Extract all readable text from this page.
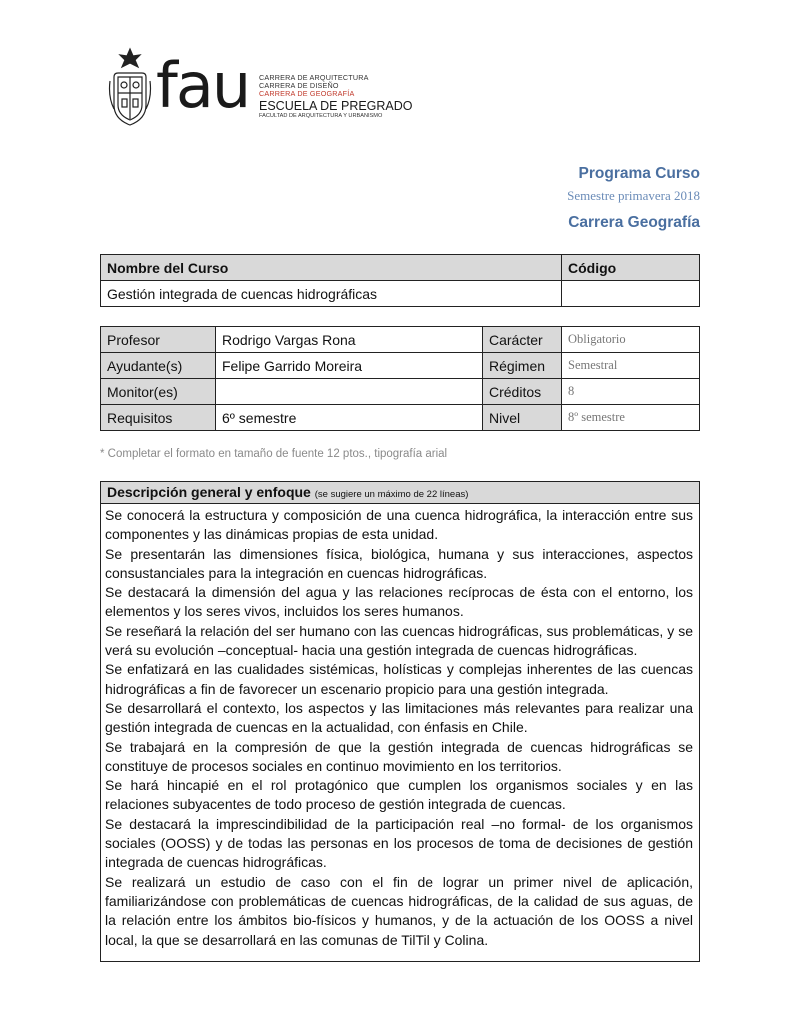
fau CARRERA DE ARQUITECTURA
CARRERA DE DISEÑO
CARRERA DE GEOGRAFÍA
ESCUELA DE PREGRADO
FACULTAD DE ARQUITECTURA Y URBANISMO
Programa Curso
Semestre primavera 2018
Carrera Geografía
Nombre del Curso	Código
Gestión integrada de cuencas hidrográficas	
Profesor	Rodrigo Vargas Rona	Carácter	Obligatorio
Ayudante(s)	Felipe Garrido Moreira	Régimen	Semestral
Monitor(es)		Créditos	8
Requisitos	6º semestre	Nivel	8º semestre
* Completar el formato en tamaño de fuente 12 ptos., tipografía arial
Descripción general y enfoque (se sugiere un máximo de 22 líneas)

Se conocerá la estructura y composición de una cuenca hidrográfica, la interacción entre sus componentes y las dinámicas propias de esta unidad.

Se presentarán las dimensiones física, biológica, humana y sus interacciones, aspectos consustanciales para la integración en cuencas hidrográficas.

Se destacará la dimensión del agua y las relaciones recíprocas de ésta con el entorno, los elementos y los seres vivos, incluidos los seres humanos.

Se reseñará la relación del ser humano con las cuencas hidrográficas, sus problemáticas, y se verá su evolución –conceptual- hacia una gestión integrada de cuencas hidrográficas.

Se enfatizará en las cualidades sistémicas, holísticas y complejas inherentes de las cuencas hidrográficas a fin de favorecer un escenario propicio para una gestión integrada.

Se desarrollará el contexto, los aspectos y las limitaciones más relevantes para realizar una gestión integrada de cuencas en la actualidad, con énfasis en Chile.

Se trabajará en la compresión de que la gestión integrada de cuencas hidrográficas se constituye de procesos sociales en continuo movimiento en los territorios.

Se hará hincapié en el rol protagónico que cumplen los organismos sociales y en las relaciones subyacentes de todo proceso de gestión integrada de cuencas.

Se destacará la imprescindibilidad de la participación real –no formal- de los organismos sociales (OOSS) y de todas las personas en los procesos de toma de decisiones de gestión integrada de cuencas hidrográficas.

Se realizará un estudio de caso con el fin de lograr un primer nivel de aplicación, familiarizándose con problemáticas de cuencas hidrográficas, de la calidad de sus aguas, de la relación entre los ámbitos bio-físicos y humanos, y de la actuación de los OOSS a nivel local, la que se desarrollará en las comunas de TilTil y Colina.
